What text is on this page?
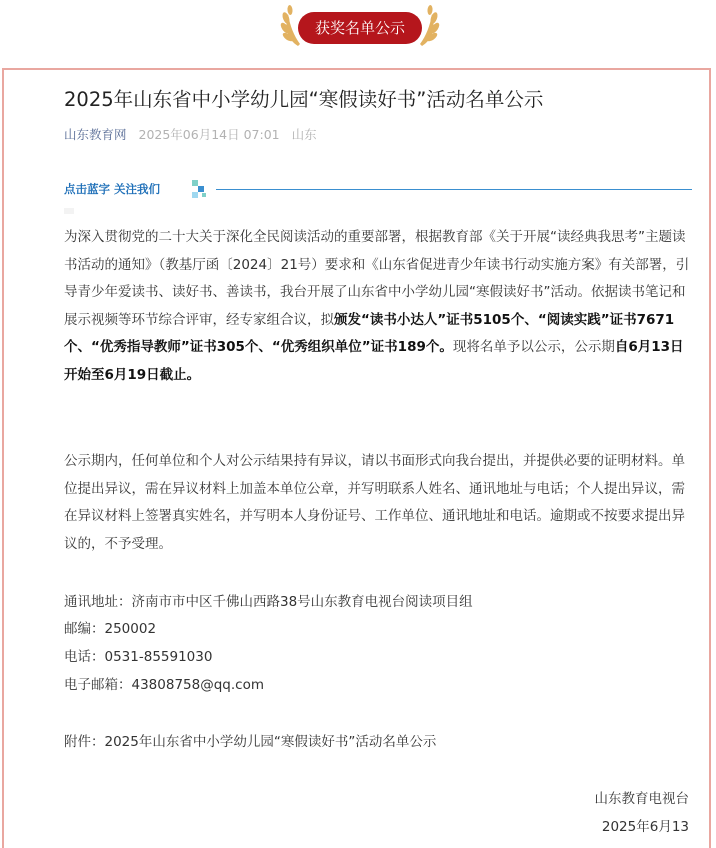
获奖名单公示
2025年山东省中小学幼儿园“寒假读好书”活动名单公示
山东教育网 2025年06月14日 07:01 山东
点击蓝字 关注我们

为深入贯彻党的二十大关于深化全民阅读活动的重要部署，根据教育部《关于开展“读经典我思考”主题读书活动的通知》（教基厅函〔2024〕21号）要求和《山东省促进青少年读书行动实施方案》有关部署，引导青少年爱读书、读好书、善读书，我台开展了山东省中小学幼儿园“寒假读好书”活动。依据读书笔记和展示视频等环节综合评审，经专家组合议，拟颁发“读书小达人”证书5105个、“阅读实践”证书7671个、“优秀指导教师”证书305个、“优秀组织单位”证书189个。现将名单予以公示，公示期自6月13日开始至6月19日截止。

公示期内，任何单位和个人对公示结果持有异议，请以书面形式向我台提出，并提供必要的证明材料。单位提出异议，需在异议材料上加盖本单位公章，并写明联系人姓名、通讯地址与电话；个人提出异议，需在异议材料上签署真实姓名，并写明本人身份证号、工作单位、通讯地址和电话。逾期或不按要求提出异议的，不予受理。

通讯地址：济南市市中区千佛山西路38号山东教育电视台阅读项目组
邮编：250002
电话：0531-85591030
电子邮箱：43808758@qq.com
附件：2025年山东省中小学幼儿园“寒假读好书”活动名单公示
山东教育电视台
2025年6月13
